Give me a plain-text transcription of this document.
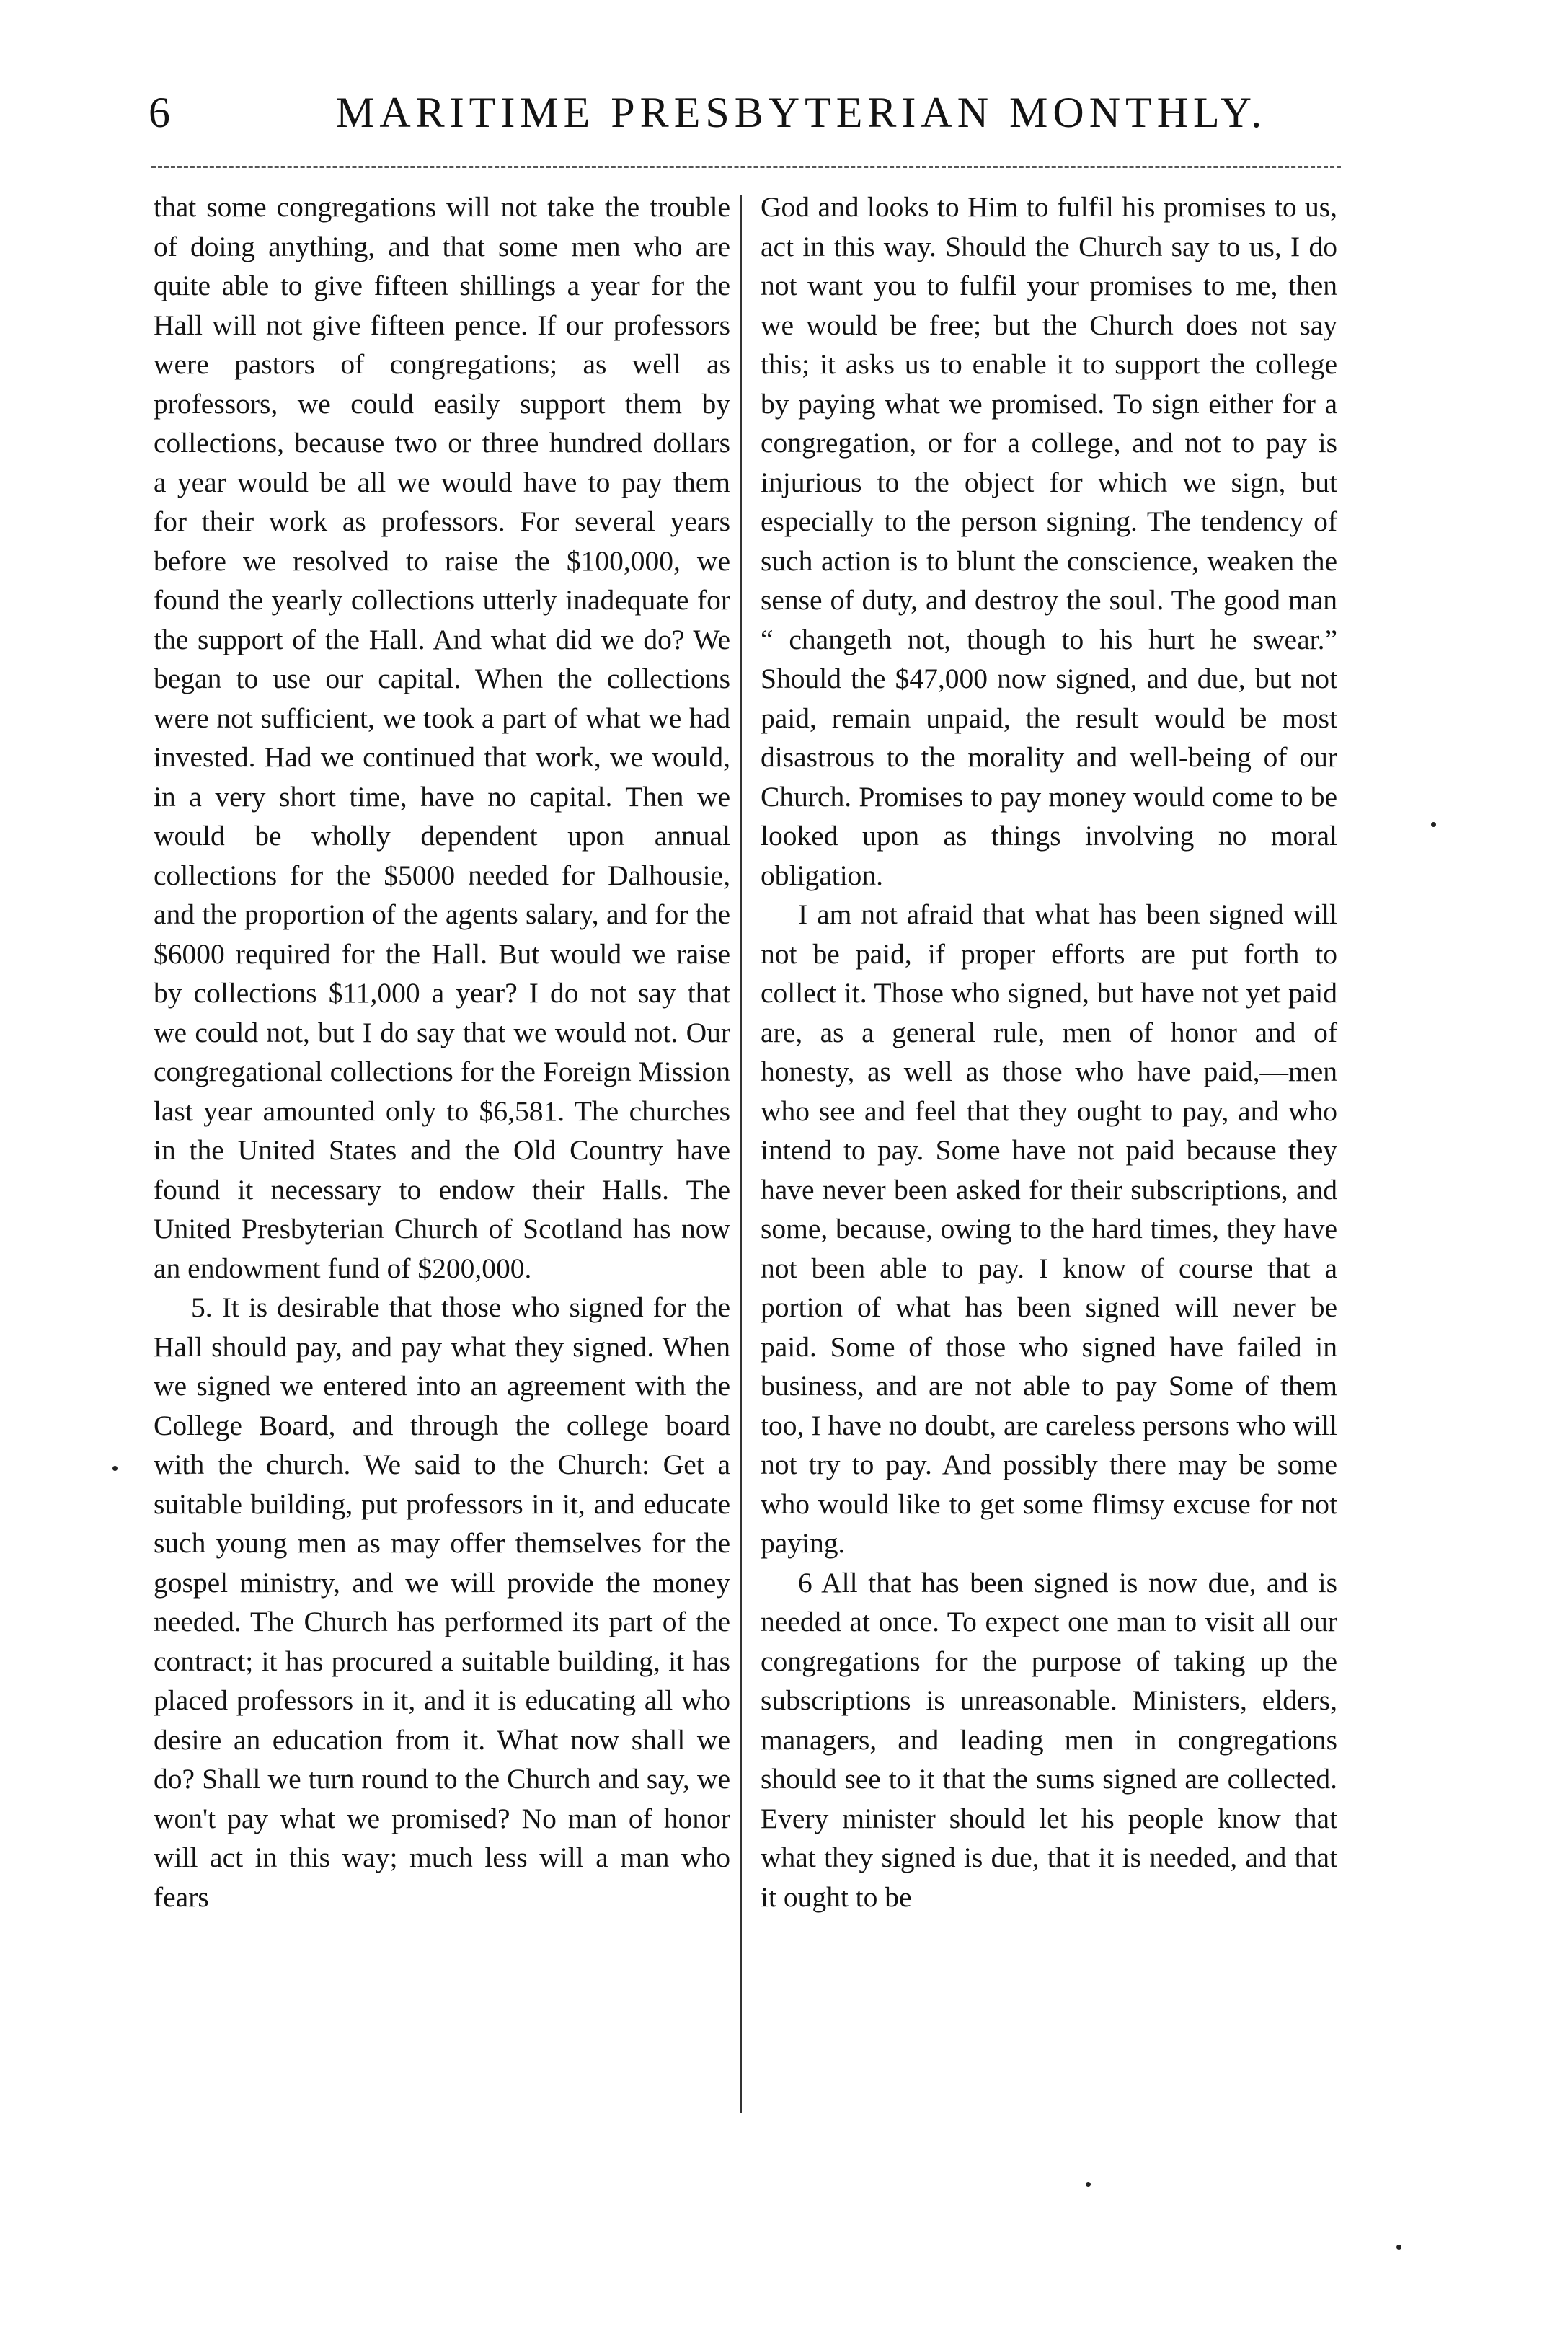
6	MARITIME PRESBYTERIAN MONTHLY.

that some congregations will not take the trouble of doing anything, and that some men who are quite able to give fifteen shillings a year for the Hall will not give fifteen pence. If our professors were pastors of congregations; as well as professors, we could easily support them by collections, because two or three hundred dollars a year would be all we would have to pay them for their work as professors. For several years before we resolved to raise the $100,000, we found the yearly collections utterly inadequate for the support of the Hall. And what did we do? We began to use our capital. When the collections were not sufficient, we took a part of what we had invested. Had we continued that work, we would, in a very short time, have no capital. Then we would be wholly dependent upon annual collections for the $5000 needed for Dalhousie, and the proportion of the agents salary, and for the $6000 required for the Hall. But would we raise by collections $11,000 a year? I do not say that we could not, but I do say that we would not. Our congregational collections for the Foreign Mission last year amounted only to $6,581. The churches in the United States and the Old Country have found it necessary to endow their Halls. The United Presbyterian Church of Scotland has now an endowment fund of $200,000.

5. It is desirable that those who signed for the Hall should pay, and pay what they signed. When we signed we entered into an agreement with the College Board, and through the college board with the church. We said to the Church: Get a suitable building, put professors in it, and educate such young men as may offer themselves for the gospel ministry, and we will provide the money needed. The Church has performed its part of the contract; it has procured a suitable building, it has placed professors in it, and it is educating all who desire an education from it. What now shall we do? Shall we turn round to the Church and say, we won't pay what we promised? No man of honor will act in this way; much less will a man who fears

God and looks to Him to fulfil his promises to us, act in this way. Should the Church say to us, I do not want you to fulfil your promises to me, then we would be free; but the Church does not say this; it asks us to enable it to support the college by paying what we promised. To sign either for a congregation, or for a college, and not to pay is injurious to the object for which we sign, but especially to the person signing. The tendency of such action is to blunt the conscience, weaken the sense of duty, and destroy the soul. The good man “ changeth not, though to his hurt he swear.” Should the $47,000 now signed, and due, but not paid, remain unpaid, the result would be most disastrous to the morality and well-being of our Church. Promises to pay money would come to be looked upon as things involving no moral obligation.

I am not afraid that what has been signed will not be paid, if proper efforts are put forth to collect it. Those who signed, but have not yet paid are, as a general rule, men of honor and of honesty, as well as those who have paid,—men who see and feel that they ought to pay, and who intend to pay. Some have not paid because they have never been asked for their subscriptions, and some, because, owing to the hard times, they have not been able to pay. I know of course that a portion of what has been signed will never be paid. Some of those who signed have failed in business, and are not able to pay Some of them too, I have no doubt, are careless persons who will not try to pay. And possibly there may be some who would like to get some flimsy excuse for not paying.

6 All that has been signed is now due, and is needed at once. To expect one man to visit all our congregations for the purpose of taking up the subscriptions is unreasonable. Ministers, elders, managers, and leading men in congregations should see to it that the sums signed are collected. Every minister should let his people know that what they signed is due, that it is needed, and that it ought to be
